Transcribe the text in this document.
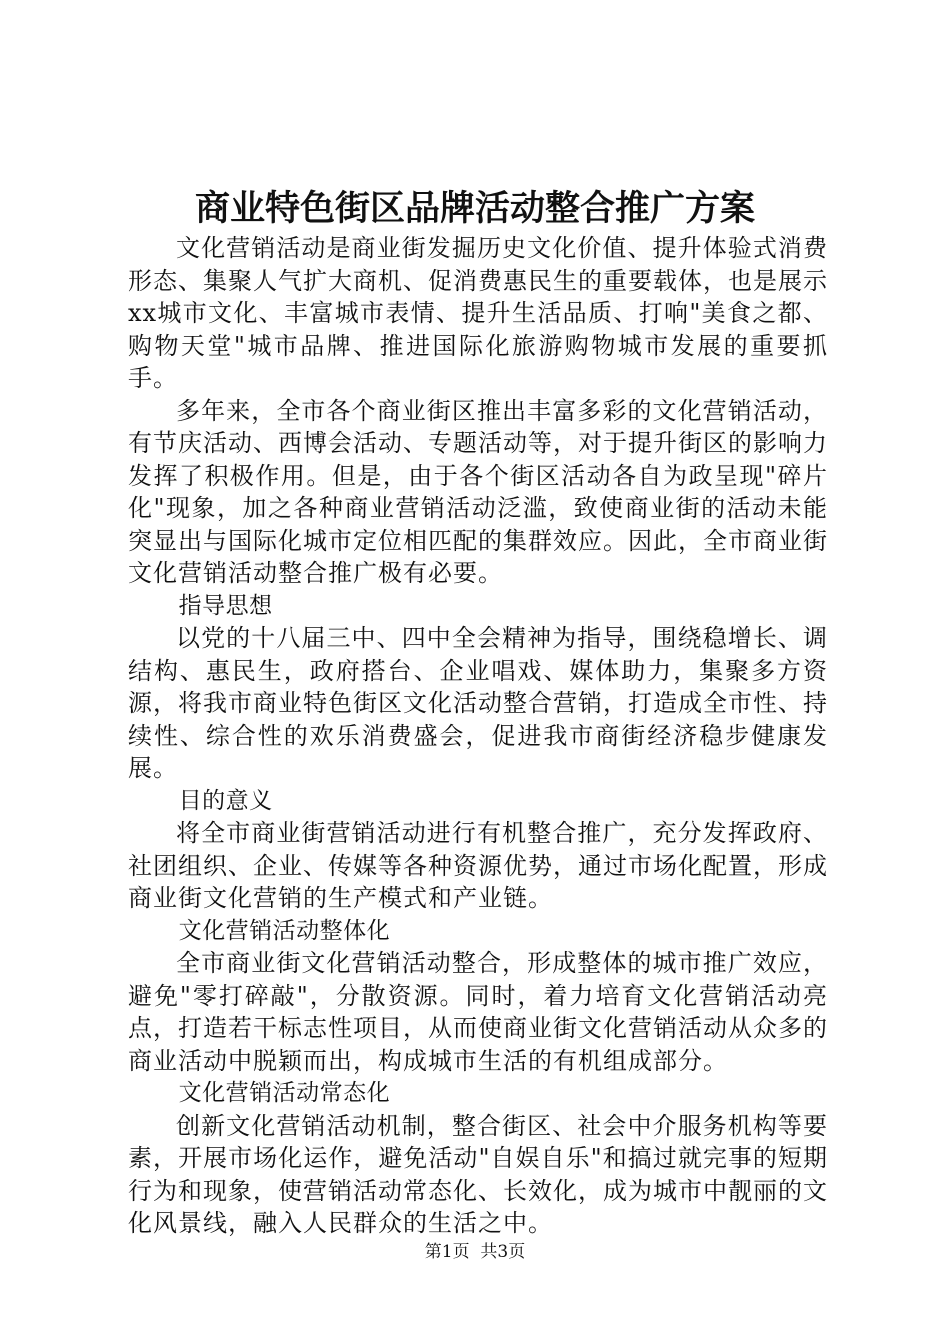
商业特色街区品牌活动整合推广方案

文化营销活动是商业街发掘历史文化价值、提升体验式消费形态、集聚人气扩大商机、促消费惠民生的重要载体，也是展示xx城市文化、丰富城市表情、提升生活品质、打响"美食之都、购物天堂"城市品牌、推进国际化旅游购物城市发展的重要抓手。

多年来，全市各个商业街区推出丰富多彩的文化营销活动，有节庆活动、西博会活动、专题活动等，对于提升街区的影响力发挥了积极作用。但是，由于各个街区活动各自为政呈现"碎片化"现象，加之各种商业营销活动泛滥，致使商业街的活动未能突显出与国际化城市定位相匹配的集群效应。因此，全市商业街文化营销活动整合推广极有必要。

指导思想

以党的十八届三中、四中全会精神为指导，围绕稳增长、调结构、惠民生，政府搭台、企业唱戏、媒体助力，集聚多方资源，将我市商业特色街区文化活动整合营销，打造成全市性、持续性、综合性的欢乐消费盛会，促进我市商街经济稳步健康发展。

目的意义

将全市商业街营销活动进行有机整合推广，充分发挥政府、社团组织、企业、传媒等各种资源优势，通过市场化配置，形成商业街文化营销的生产模式和产业链。

文化营销活动整体化

全市商业街文化营销活动整合，形成整体的城市推广效应，避免"零打碎敲"，分散资源。同时，着力培育文化营销活动亮点，打造若干标志性项目，从而使商业街文化营销活动从众多的商业活动中脱颖而出，构成城市生活的有机组成部分。

文化营销活动常态化

创新文化营销活动机制，整合街区、社会中介服务机构等要素，开展市场化运作，避免活动"自娱自乐"和搞过就完事的短期行为和现象，使营销活动常态化、长效化，成为城市中靓丽的文化风景线，融入人民群众的生活之中。

第1页  共3页
